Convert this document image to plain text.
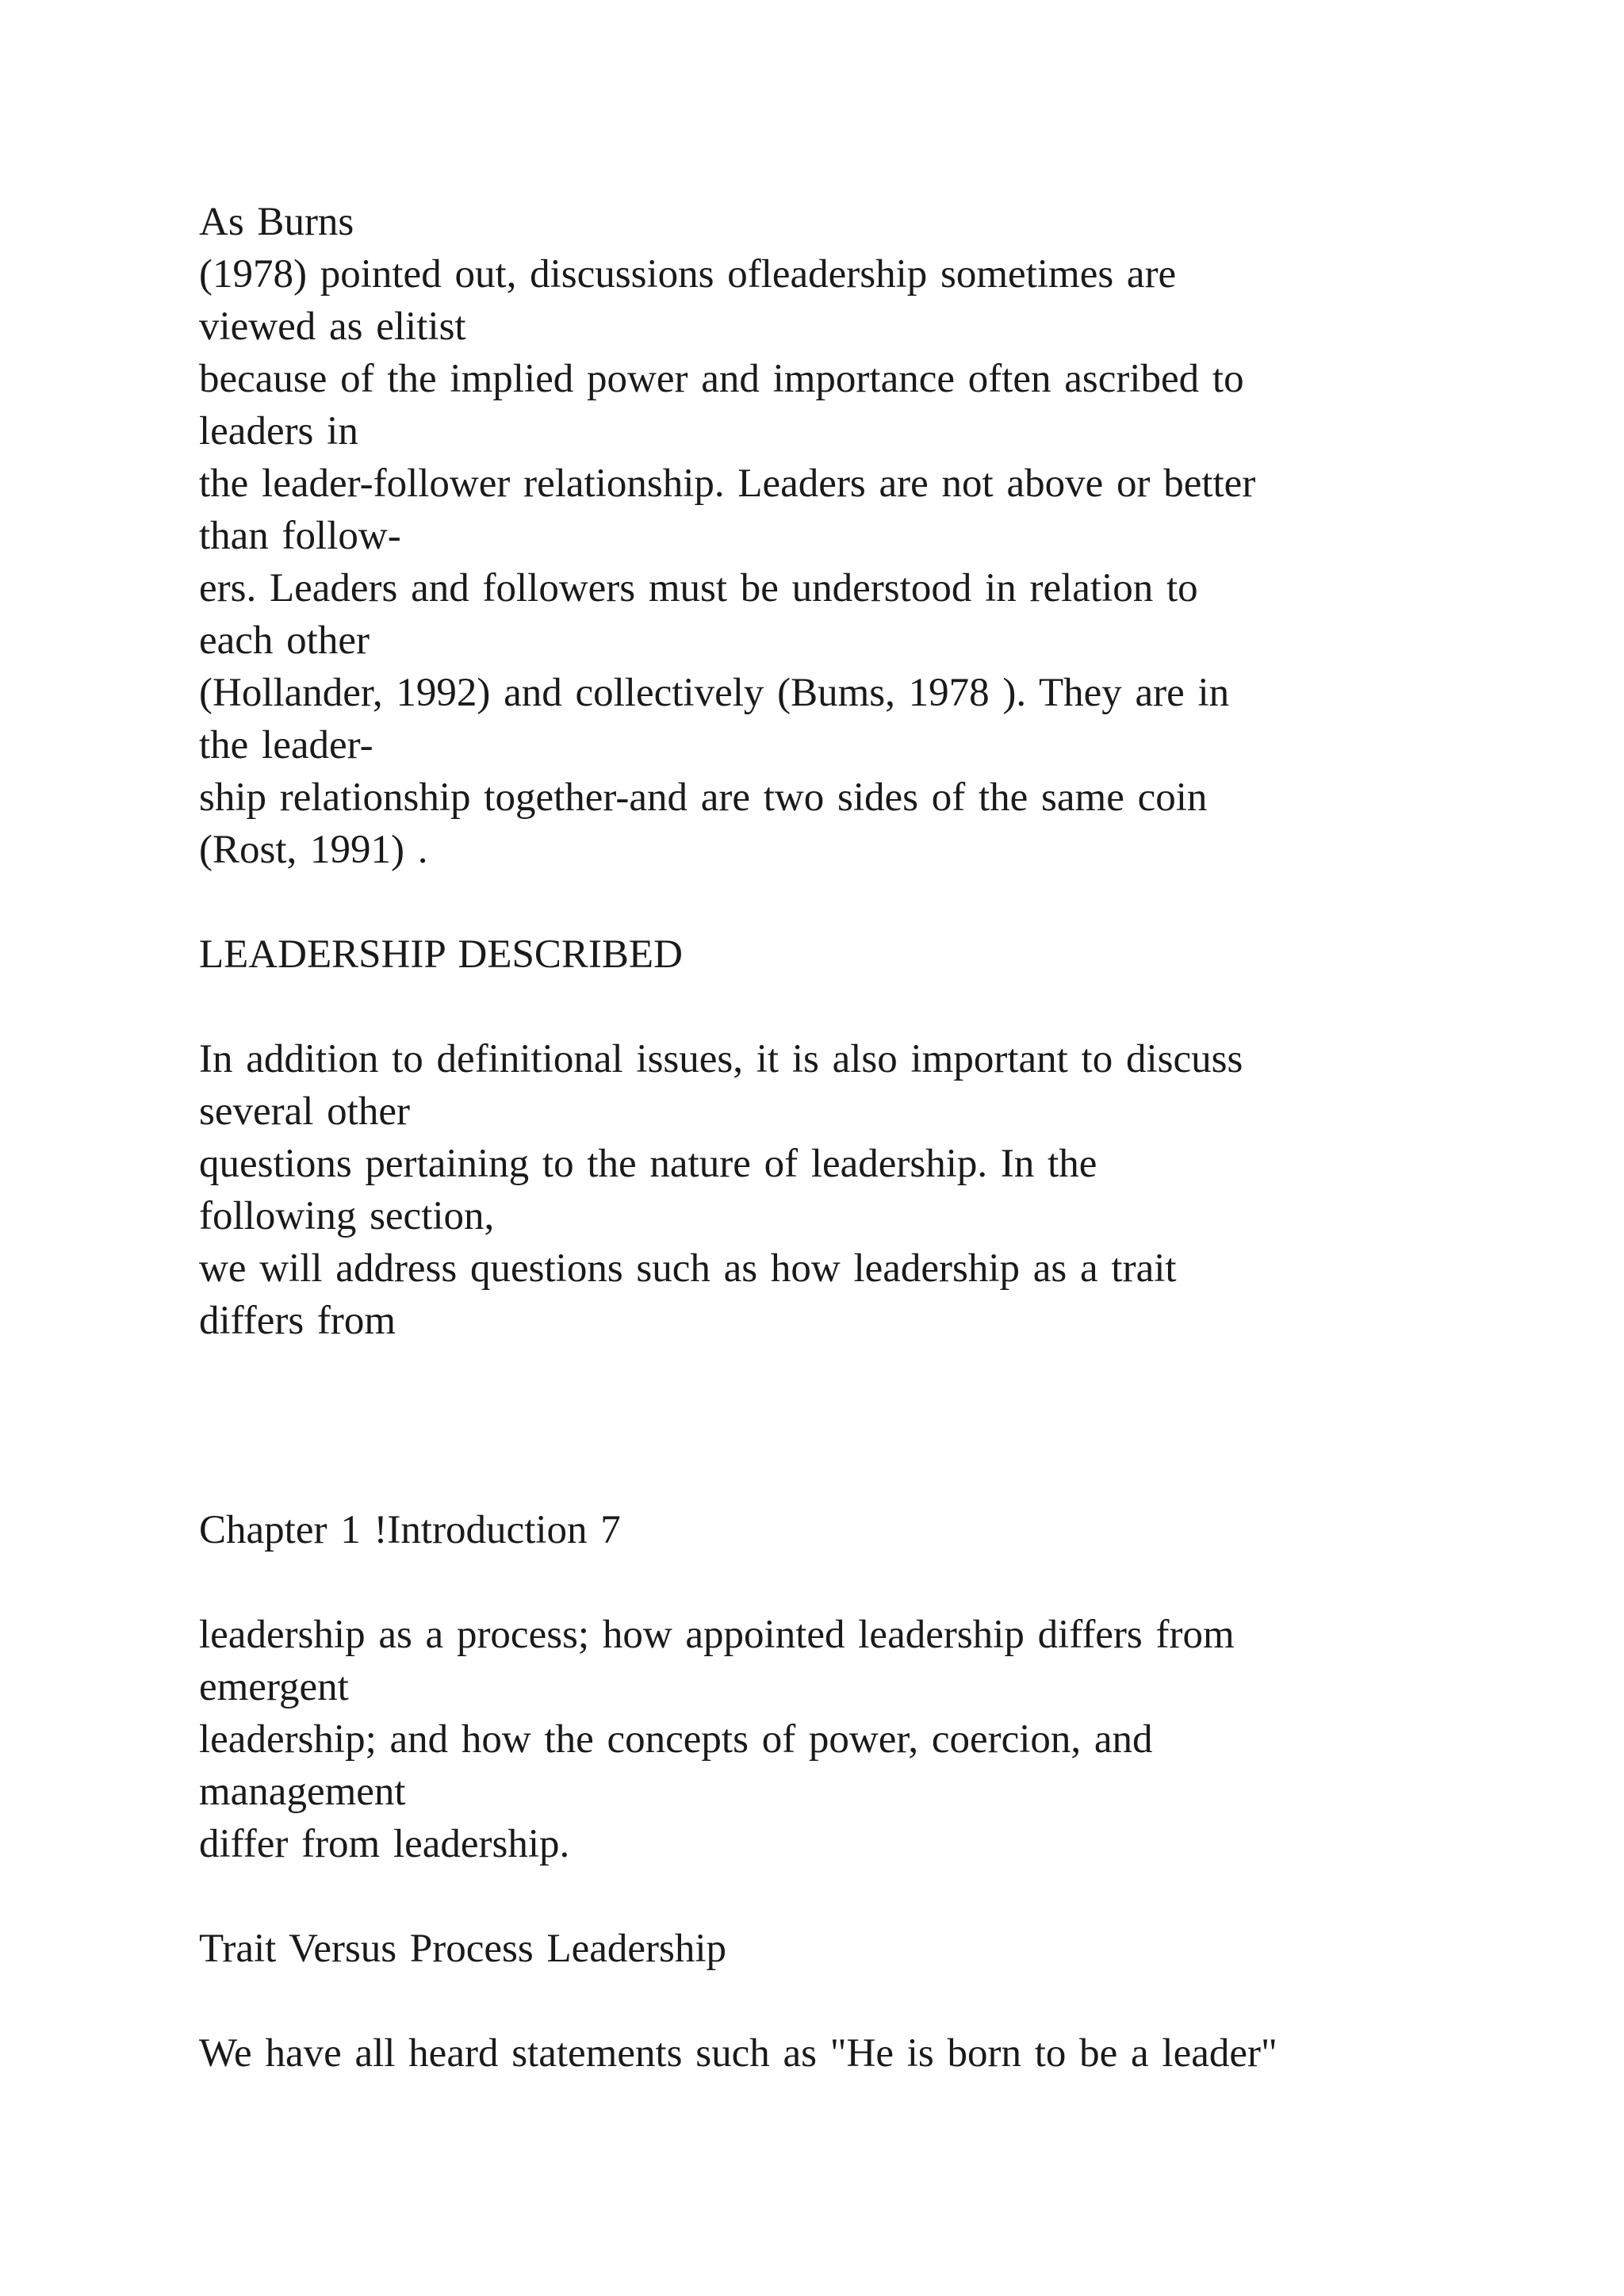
As Burns
(1978) pointed out, discussions ofleadership sometimes are
viewed as elitist
because of the implied power and importance often ascribed to
leaders in
the leader-follower relationship. Leaders are not above or better
than follow-
ers. Leaders and followers must be understood in relation to
each other
(Hollander, 1992) and collectively (Bums, 1978 ). They are in
the leader-
ship relationship together-and are two sides of the same coin
(Rost, 1991) .
LEADERSHIP DESCRIBED
In addition to definitional issues, it is also important to discuss
several other
questions pertaining to the nature of leadership. In the
following section,
we will address questions such as how leadership as a trait
differs from
Chapter 1 !Introduction 7
leadership as a process; how appointed leadership differs from
emergent
leadership; and how the concepts of power, coercion, and
management
differ from leadership.
Trait Versus Process Leadership
We have all heard statements such as "He is born to be a leader"
